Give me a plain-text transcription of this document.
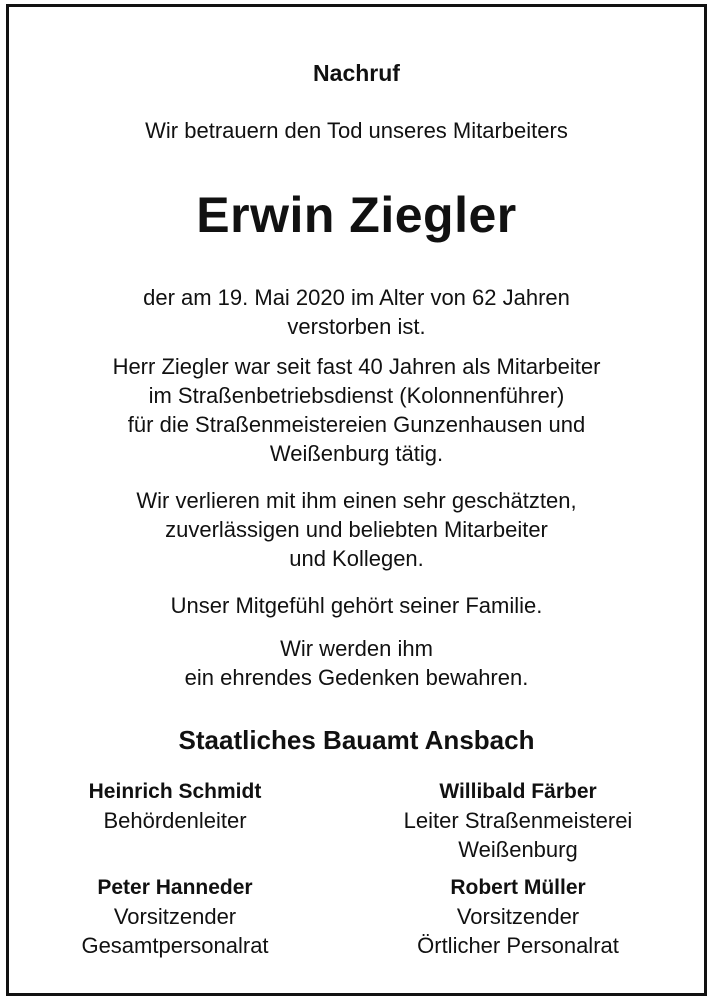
Nachruf
Wir betrauern den Tod unseres Mitarbeiters
Erwin Ziegler
der am 19. Mai 2020 im Alter von 62 Jahren
verstorben ist.
Herr Ziegler war seit fast 40 Jahren als Mitarbeiter
im Straßenbetriebsdienst (Kolonnenführer)
für die Straßenmeistereien Gunzenhausen und
Weißenburg tätig.
Wir verlieren mit ihm einen sehr geschätzten,
zuverlässigen und beliebten Mitarbeiter
und Kollegen.
Unser Mitgefühl gehört seiner Familie.
Wir werden ihm
ein ehrendes Gedenken bewahren.
Staatliches Bauamt Ansbach
Heinrich Schmidt
Behördenleiter
Willibald Färber
Leiter Straßenmeisterei
Weißenburg
Peter Hanneder
Vorsitzender
Gesamtpersonalrat
Robert Müller
Vorsitzender
Örtlicher Personalrat
